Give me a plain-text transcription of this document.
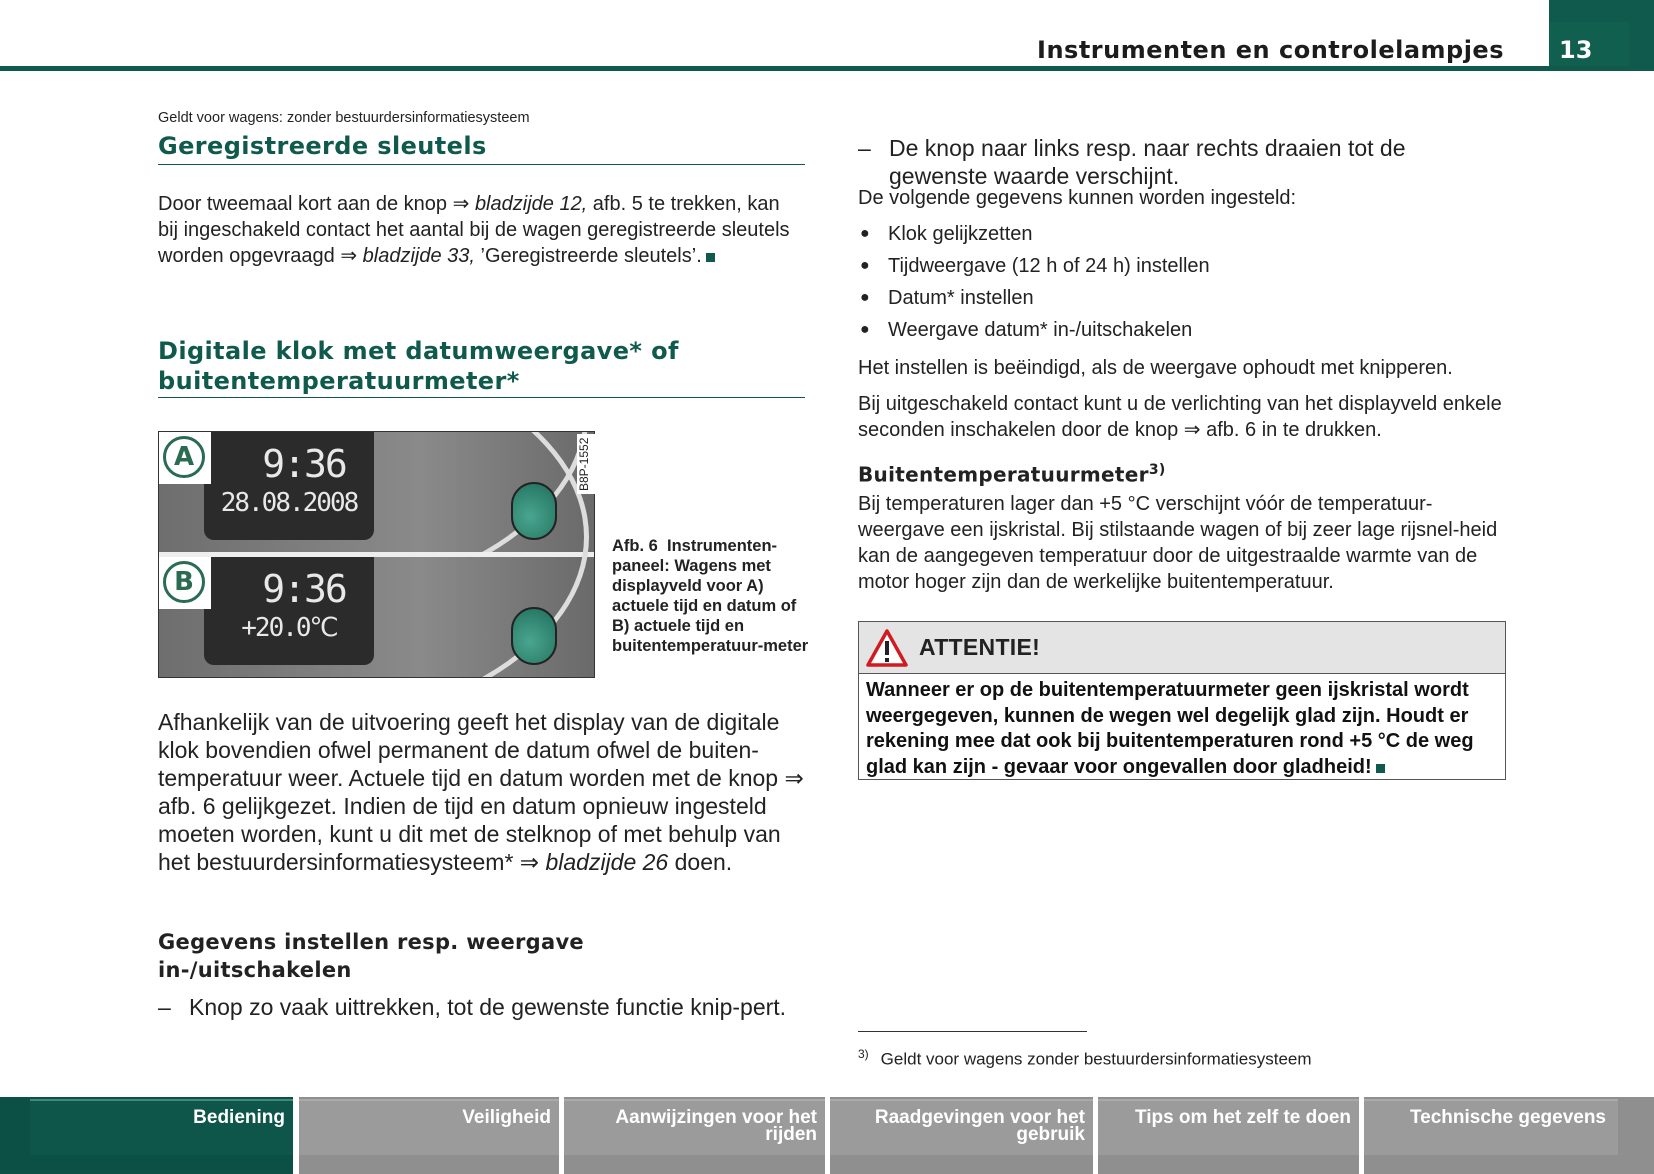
13
Instrumenten en controlelampjes
Geldt voor wagens: zonder bestuurdersinformatiesysteem
Geregistreerde sleutels
Door tweemaal kort aan de knop ⇒ bladzijde 12, afb. 5 te trekken, kan bij ingeschakeld contact het aantal bij de wagen geregistreerde sleutels worden opgevraagd ⇒ bladzijde 33, ’Geregistreerde sleutels’.
Digitale klok met datumweergave* of buitentemperatuurmeter*
9:36
28.08.2008
A
9:36
+20.0℃
B
B8P-1552
Afb. 6 Instrumenten-paneel: Wagens met displayveld voor A) actuele tijd en datum of B) actuele tijd en buitentemperatuur-meter
Afhankelijk van de uitvoering geeft het display van de digitale klok bovendien ofwel permanent de datum ofwel de buiten-temperatuur weer. Actuele tijd en datum worden met de knop ⇒ afb. 6 gelijkgezet. Indien de tijd en datum opnieuw ingesteld moeten worden, kunt u dit met de stelknop of met behulp van het bestuurdersinformatiesysteem* ⇒ bladzijde 26 doen.
Gegevens instellen resp. weergave in-/uitschakelen
– Knop zo vaak uittrekken, tot de gewenste functie knip-pert.
– De knop naar links resp. naar rechts draaien tot de gewenste waarde verschijnt.
De volgende gegevens kunnen worden ingesteld:
● Klok gelijkzetten
● Tijdweergave (12 h of 24 h) instellen
● Datum* instellen
● Weergave datum* in-/uitschakelen
Het instellen is beëindigd, als de weergave ophoudt met knipperen.
Bij uitgeschakeld contact kunt u de verlichting van het displayveld enkele seconden inschakelen door de knop ⇒ afb. 6 in te drukken.
Buitentemperatuurmeter$^{3)}$
Bij temperaturen lager dan +5 °C verschijnt vóór de temperatuur-weergave een ijskristal. Bij stilstaande wagen of bij zeer lage rijsnel-heid kan de aangegeven temperatuur door de uitgestraalde warmte van de motor hoger zijn dan de werkelijke buitentemperatuur.
ATTENTIE!
Wanneer er op de buitentemperatuurmeter geen ijskristal wordt weergegeven, kunnen de wegen wel degelijk glad zijn. Houdt er rekening mee dat ook bij buitentemperaturen rond +5 °C de weg glad kan zijn - gevaar voor ongevallen door gladheid!
$^{3)}$ Geldt voor wagens zonder bestuurdersinformatiesysteem
Bediening	Veiligheid	Aanwijzingen voor het rijden
Raadgevingen voor het gebruik
Tips om het zelf te doen	Technische gegevens
